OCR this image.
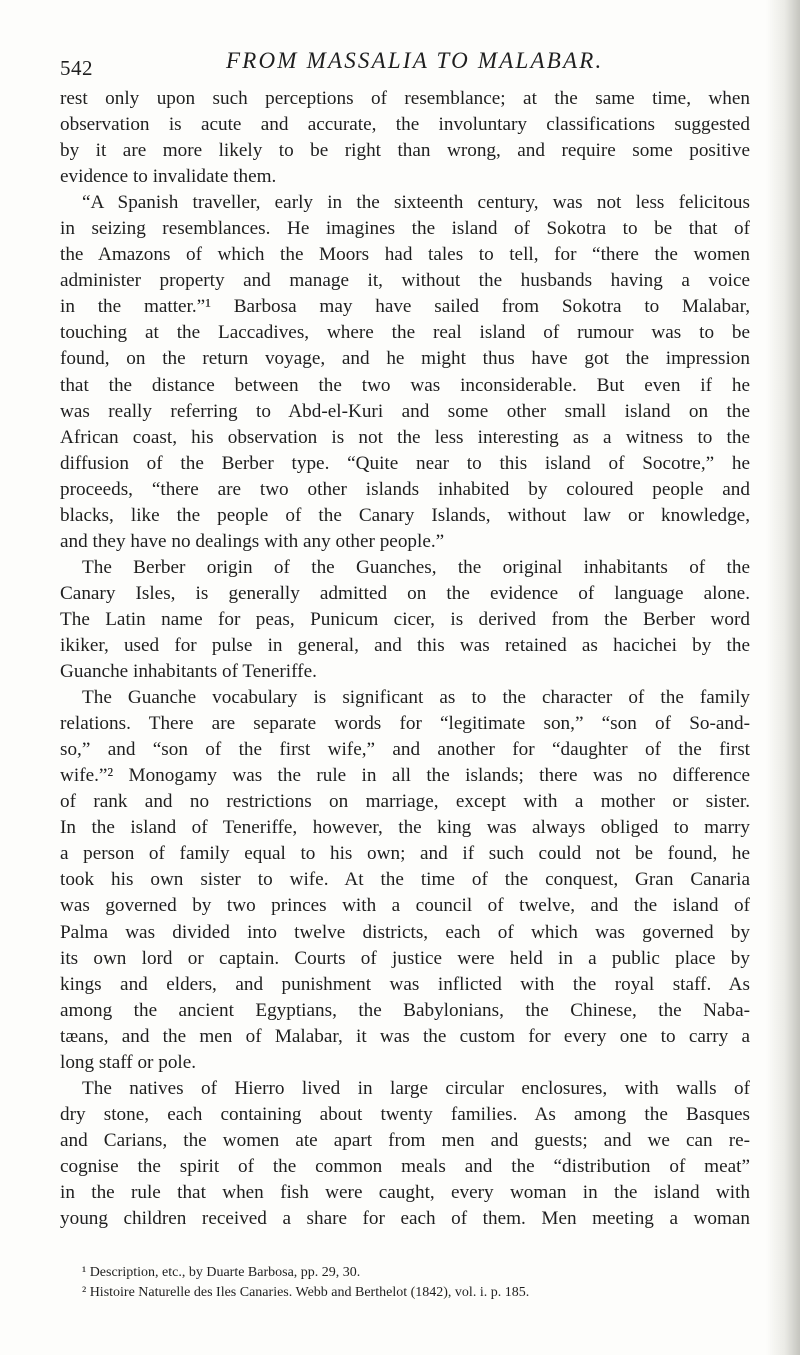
542	FROM MASSALIA TO MALABAR.
rest only upon such perceptions of resemblance; at the same time, when
observation is acute and accurate, the involuntary classifications suggested
by it are more likely to be right than wrong, and require some positive
evidence to invalidate them.
“A Spanish traveller, early in the sixteenth century, was not less felicitous
in seizing resemblances. He imagines the island of Sokotra to be that of
the Amazons of which the Moors had tales to tell, for “there the women
administer property and manage it, without the husbands having a voice
in the matter.”¹ Barbosa may have sailed from Sokotra to Malabar,
touching at the Laccadives, where the real island of rumour was to be
found, on the return voyage, and he might thus have got the impression
that the distance between the two was inconsiderable. But even if he
was really referring to Abd-el-Kuri and some other small island on the
African coast, his observation is not the less interesting as a witness to the
diffusion of the Berber type. “Quite near to this island of Socotre,” he
proceeds, “there are two other islands inhabited by coloured people and
blacks, like the people of the Canary Islands, without law or knowledge,
and they have no dealings with any other people.”
The Berber origin of the Guanches, the original inhabitants of the
Canary Isles, is generally admitted on the evidence of language alone.
The Latin name for peas, Punicum cicer, is derived from the Berber word
ikiker, used for pulse in general, and this was retained as hacichei by the
Guanche inhabitants of Teneriffe.
The Guanche vocabulary is significant as to the character of the family
relations. There are separate words for “legitimate son,” “son of So-and-
so,” and “son of the first wife,” and another for “daughter of the first
wife.”² Monogamy was the rule in all the islands; there was no difference
of rank and no restrictions on marriage, except with a mother or sister.
In the island of Teneriffe, however, the king was always obliged to marry
a person of family equal to his own; and if such could not be found, he
took his own sister to wife. At the time of the conquest, Gran Canaria
was governed by two princes with a council of twelve, and the island of
Palma was divided into twelve districts, each of which was governed by
its own lord or captain. Courts of justice were held in a public place by
kings and elders, and punishment was inflicted with the royal staff. As
among the ancient Egyptians, the Babylonians, the Chinese, the Naba-
tæans, and the men of Malabar, it was the custom for every one to carry a
long staff or pole.
The natives of Hierro lived in large circular enclosures, with walls of
dry stone, each containing about twenty families. As among the Basques
and Carians, the women ate apart from men and guests; and we can re-
cognise the spirit of the common meals and the “distribution of meat”
in the rule that when fish were caught, every woman in the island with
young children received a share for each of them. Men meeting a woman
¹ Description, etc., by Duarte Barbosa, pp. 29, 30.
² Histoire Naturelle des Iles Canaries. Webb and Berthelot (1842), vol. i. p. 185.
